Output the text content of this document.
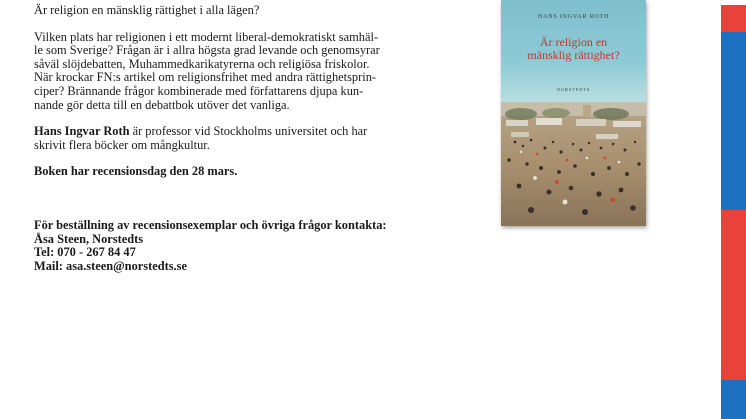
Är religion en mänsklig rättighet i alla lägen?

Vilken plats har religionen i ett modernt liberal-demokratiskt samhäl-

le som Sverige? Frågan är i allra högsta grad levande och genomsyrar

såväl slöjdebatten, Muhammedkarikatyrerna och religiösa friskolor.

När krockar FN:s artikel om religionsfrihet med andra rättighetsprin-

ciper? Brännande frågor kombinerade med författarens djupa kun-

nande gör detta till en debattbok utöver det vanliga.

Hans Ingvar Roth är professor vid Stockholms universitet och har

skrivit flera böcker om mångkultur.

Boken har recensionsdag den 28 mars.

För beställning av recensionsexemplar och övriga frågor kontakta:

Åsa Steen, Norstedts

Tel: 070 - 267 84 47

Mail: asa.steen@norstedts.se

HANS INGVAR ROTH
Är religion en
mänsklig rättighet?
NORSTEDTS
